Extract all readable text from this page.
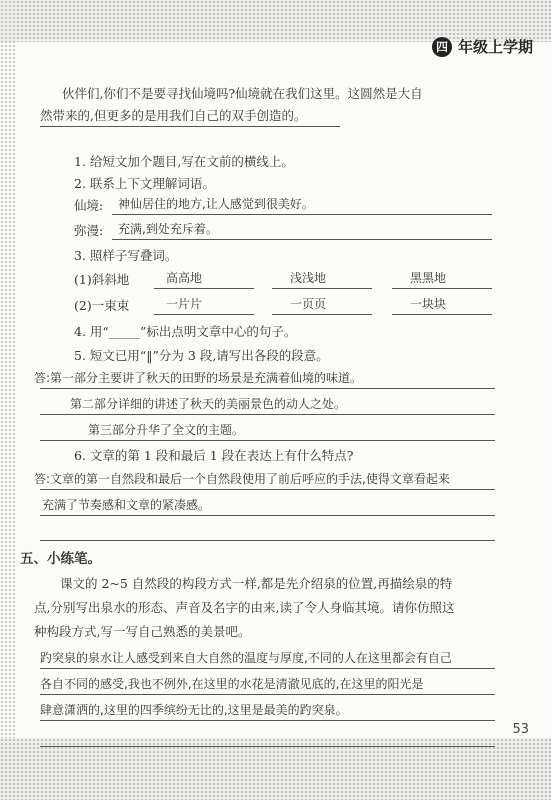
四 年级上学期
伙伴们,你们不是要寻找仙境吗?仙境就在我们这里。这圆然是大自
然带来的,但更多的是用我们自己的双手创造的。
1. 给短文加个题目,写在文前的横线上。
2. 联系上下文理解词语。
仙境: 神仙居住的地方,让人感觉到很美好。
弥漫: 充满,到处充斥着。
3. 照样子写叠词。
(1)斜斜地	高高地	浅浅地	黑黑地
(2)一束束	一片片	一页页	一块块
4. 用“_____”标出点明文章中心的句子。
5. 短文已用“‖”分为 3 段,请写出各段的段意。
答:第一部分主要讲了秋天的田野的场景是充满着仙境的味道。
第二部分详细的讲述了秋天的美丽景色的动人之处。
第三部分升华了全文的主题。
6. 文章的第 1 段和最后 1 段在表达上有什么特点?
答:文章的第一自然段和最后一个自然段使用了前后呼应的手法,使得文章看起来
充满了节奏感和文章的紧凑感。
五、小练笔。
课文的 2~5 自然段的构段方式一样,都是先介绍泉的位置,再描绘泉的特
点,分别写出泉水的形态、声音及名字的由来,读了令人身临其境。请你仿照这
种构段方式,写一写自己熟悉的美景吧。
趵突泉的泉水让人感受到来自大自然的温度与厚度,不同的人在这里都会有自己
各自不同的感受,我也不例外,在这里的水花是清澈见底的,在这里的阳光是
肆意潇洒的,这里的四季缤纷无比的,这里是最美的趵突泉。
53
